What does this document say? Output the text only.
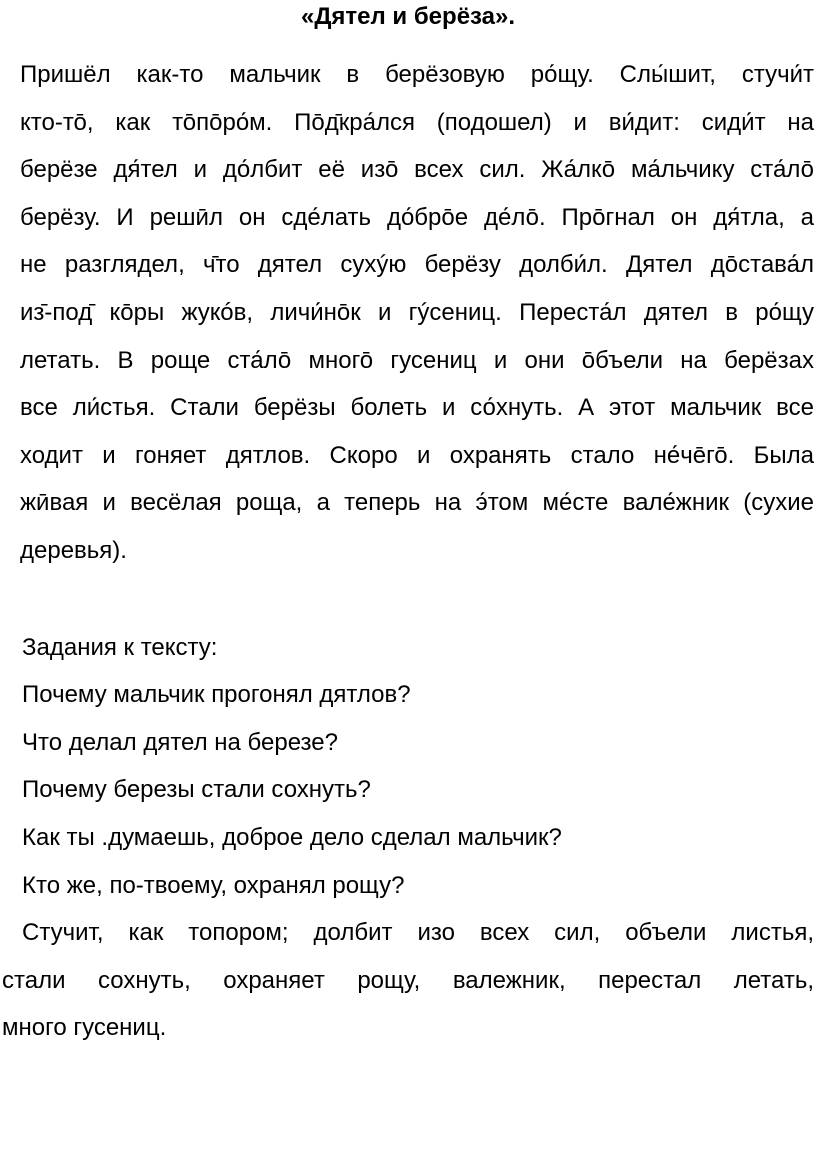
«Дятел и берёза».
Пришёл как-то мальчик в берёзовую ро́щу. Слы́шит, стучи́т
кто-то̄, как то̄по̄ро́м. По̄д̄кра́лся (подошел) и ви́дит: сиди́т на
берёзе дя́тел и до́лбит её изо̄ всех сил. Жа́лко̄ ма́льчику ста́ло̄
берёзу. И решӣл он сде́лать до́бро̄е де́ло̄. Про̄гнал он дя́тла, а
не разглядел, ч̄то дятел сухýю берёзу долби́л. Дятел до̄става́л
из̄-под̄ ко̄ры жукóв, личи́но̄к и гýсениц. Переста́л дятел в ро́щу
летать. В роще ста́ло̄ много̄ гусениц и они о̄бъели на берёзах
все ли́стья. Стали берёзы болеть и со́хнуть. А этот мальчик все
ходит и гоняет дятлов. Скоро и охранять стало не́че̄го̄. Была
жӣвая и весёлая роща, а теперь на э́том ме́сте вале́жник (сухие
деревья).
Задания к тексту:
Почему мальчик прогонял дятлов?
Что делал дятел на березе?
Почему березы стали сохнуть?
Как ты .думаешь, доброе дело сделал мальчик?
Кто же, по-твоему, охранял рощу?
Стучит, как топором; долбит изо всех сил, объели листья,
стали сохнуть, охраняет рощу, валежник, перестал летать,
много гусениц.
